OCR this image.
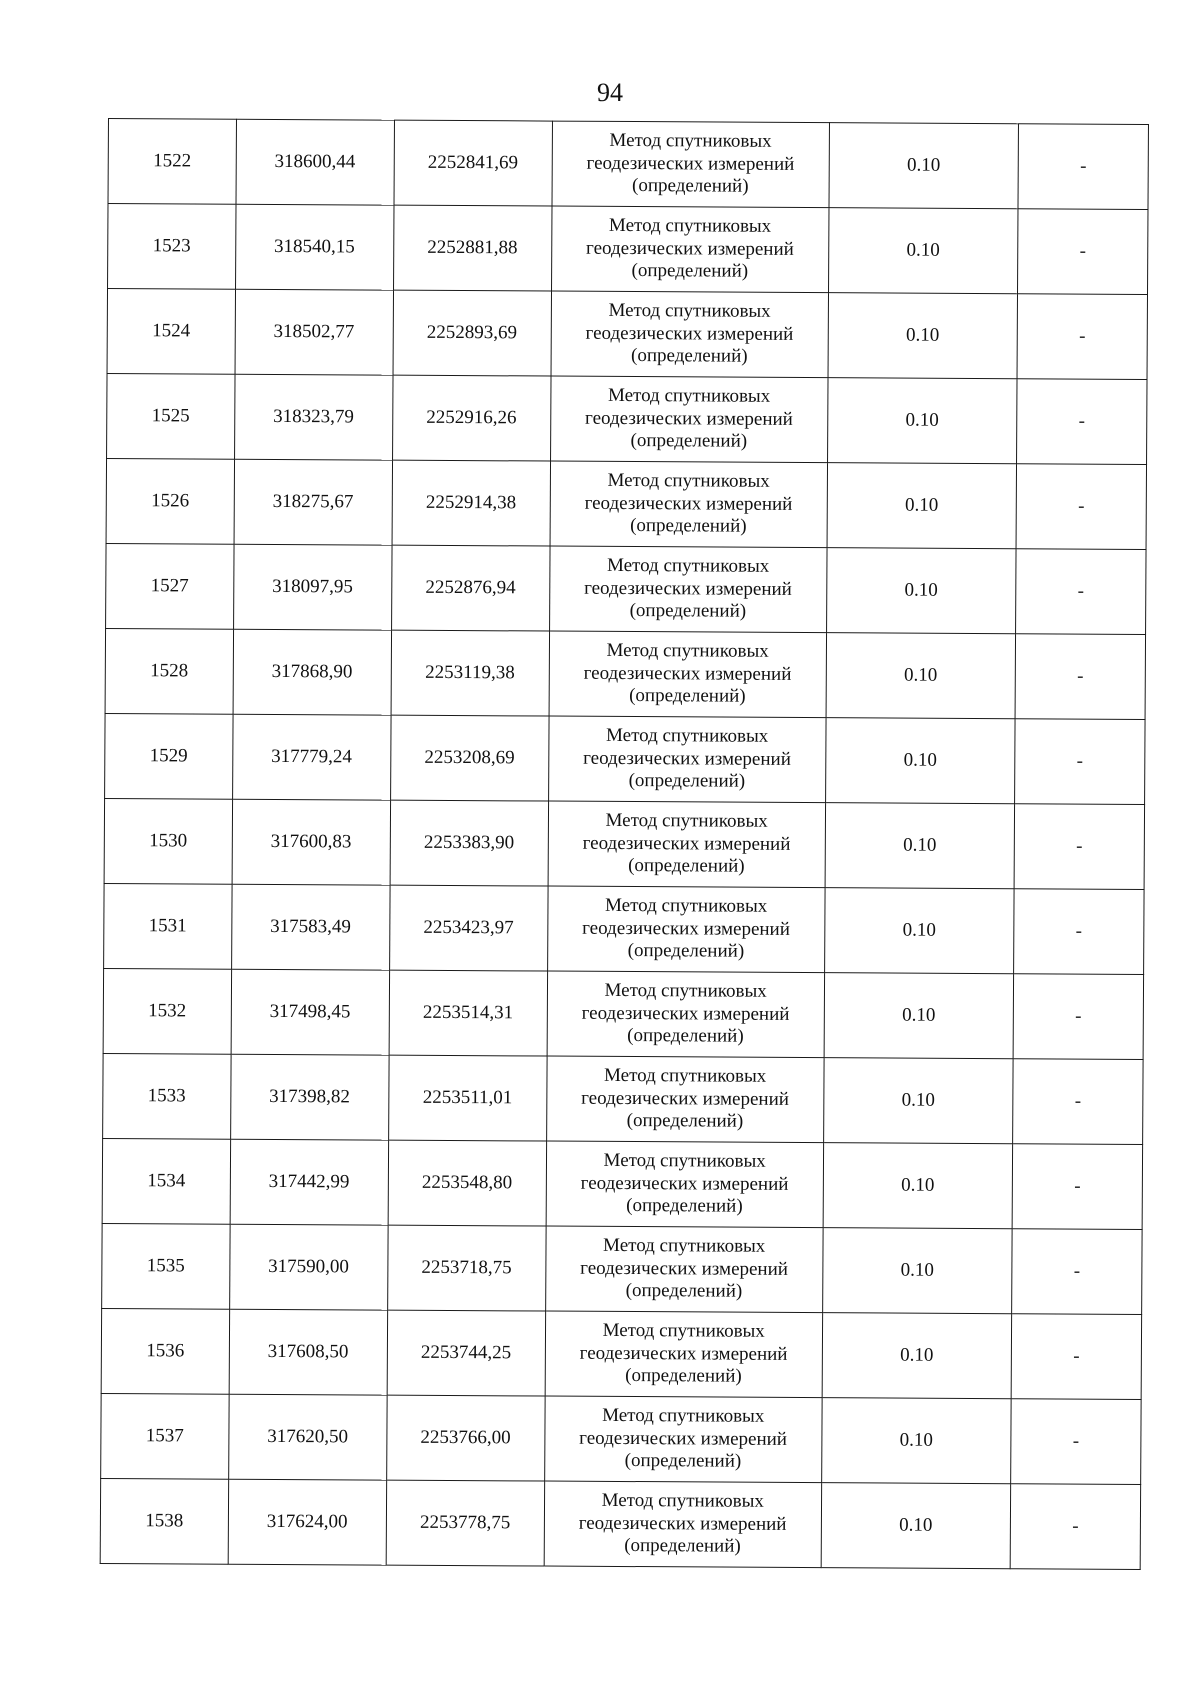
94
1522	318600,44	2252841,69	Метод спутниковых
геодезических измерений
(определений)	0.10	-
1523	318540,15	2252881,88	Метод спутниковых
геодезических измерений
(определений)	0.10	-
1524	318502,77	2252893,69	Метод спутниковых
геодезических измерений
(определений)	0.10	-
1525	318323,79	2252916,26	Метод спутниковых
геодезических измерений
(определений)	0.10	-
1526	318275,67	2252914,38	Метод спутниковых
геодезических измерений
(определений)	0.10	-
1527	318097,95	2252876,94	Метод спутниковых
геодезических измерений
(определений)	0.10	-
1528	317868,90	2253119,38	Метод спутниковых
геодезических измерений
(определений)	0.10	-
1529	317779,24	2253208,69	Метод спутниковых
геодезических измерений
(определений)	0.10	-
1530	317600,83	2253383,90	Метод спутниковых
геодезических измерений
(определений)	0.10	-
1531	317583,49	2253423,97	Метод спутниковых
геодезических измерений
(определений)	0.10	-
1532	317498,45	2253514,31	Метод спутниковых
геодезических измерений
(определений)	0.10	-
1533	317398,82	2253511,01	Метод спутниковых
геодезических измерений
(определений)	0.10	-
1534	317442,99	2253548,80	Метод спутниковых
геодезических измерений
(определений)	0.10	-
1535	317590,00	2253718,75	Метод спутниковых
геодезических измерений
(определений)	0.10	-
1536	317608,50	2253744,25	Метод спутниковых
геодезических измерений
(определений)	0.10	-
1537	317620,50	2253766,00	Метод спутниковых
геодезических измерений
(определений)	0.10	-
1538	317624,00	2253778,75	Метод спутниковых
геодезических измерений
(определений)	0.10	-
